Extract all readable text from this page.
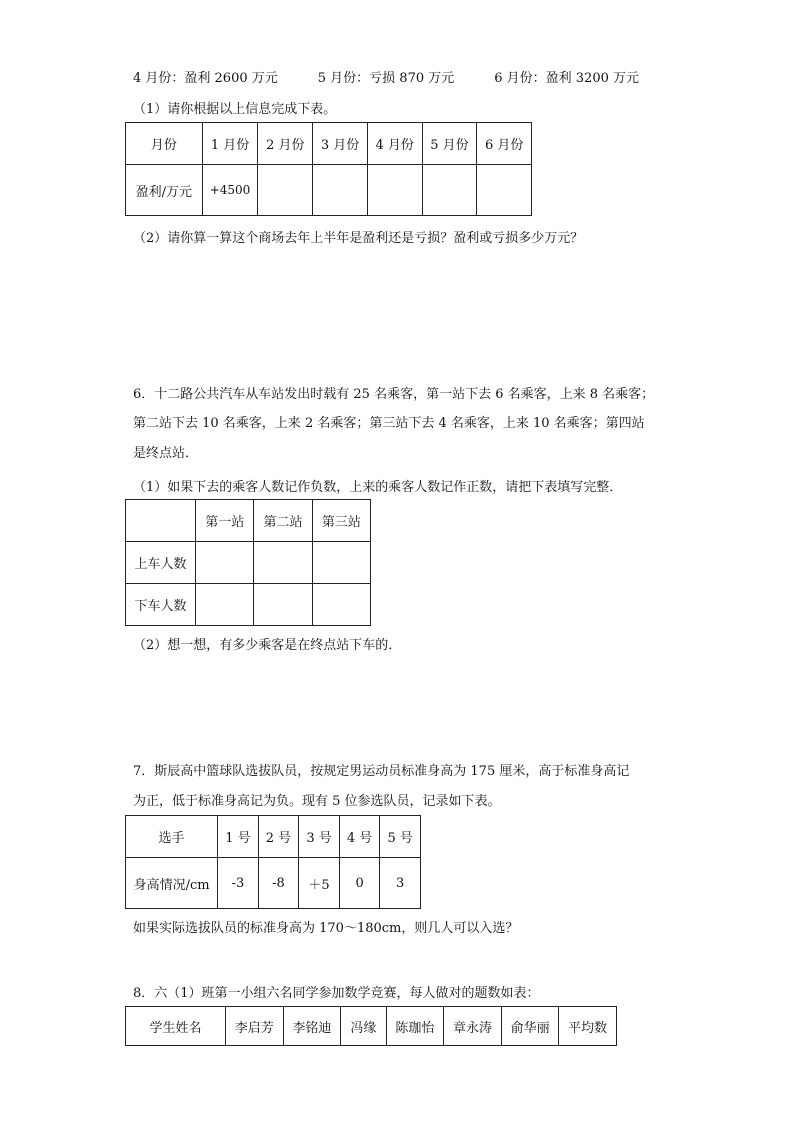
4 月份：盈利 2600 万元	5 月份：亏损 870 万元	6 月份：盈利 3200 万元
（1）请你根据以上信息完成下表。
月份	1 月份	2 月份	3 月份	4 月份	5 月份	6 月份
盈利/万元	+4500					
（2）请你算一算这个商场去年上半年是盈利还是亏损？盈利或亏损多少万元？
6．十二路公共汽车从车站发出时载有 25 名乘客，第一站下去 6 名乘客，上来 8 名乘客；
第二站下去 10 名乘客，上来 2 名乘客；第三站下去 4 名乘客，上来 10 名乘客；第四站
是终点站．
（1）如果下去的乘客人数记作负数，上来的乘客人数记作正数，请把下表填写完整．
	第一站	第二站	第三站
上车人数			
下车人数			
（2）想一想，有多少乘客是在终点站下车的．
7．斯辰高中篮球队选拔队员，按规定男运动员标准身高为 175 厘米，高于标准身高记
为正，低于标准身高记为负。现有 5 位参选队员，记录如下表。
选手	1 号	2 号	3 号	4 号	5 号
身高情况/cm	-3	-8	＋5	0	3
如果实际选拔队员的标准身高为 170～180cm，则几人可以入选？
8．六（1）班第一小组六名同学参加数学竞赛，每人做对的题数如表：
学生姓名	李启芳	李铭迪	冯缘	陈珈怡	章永涛	俞华丽	平均数
